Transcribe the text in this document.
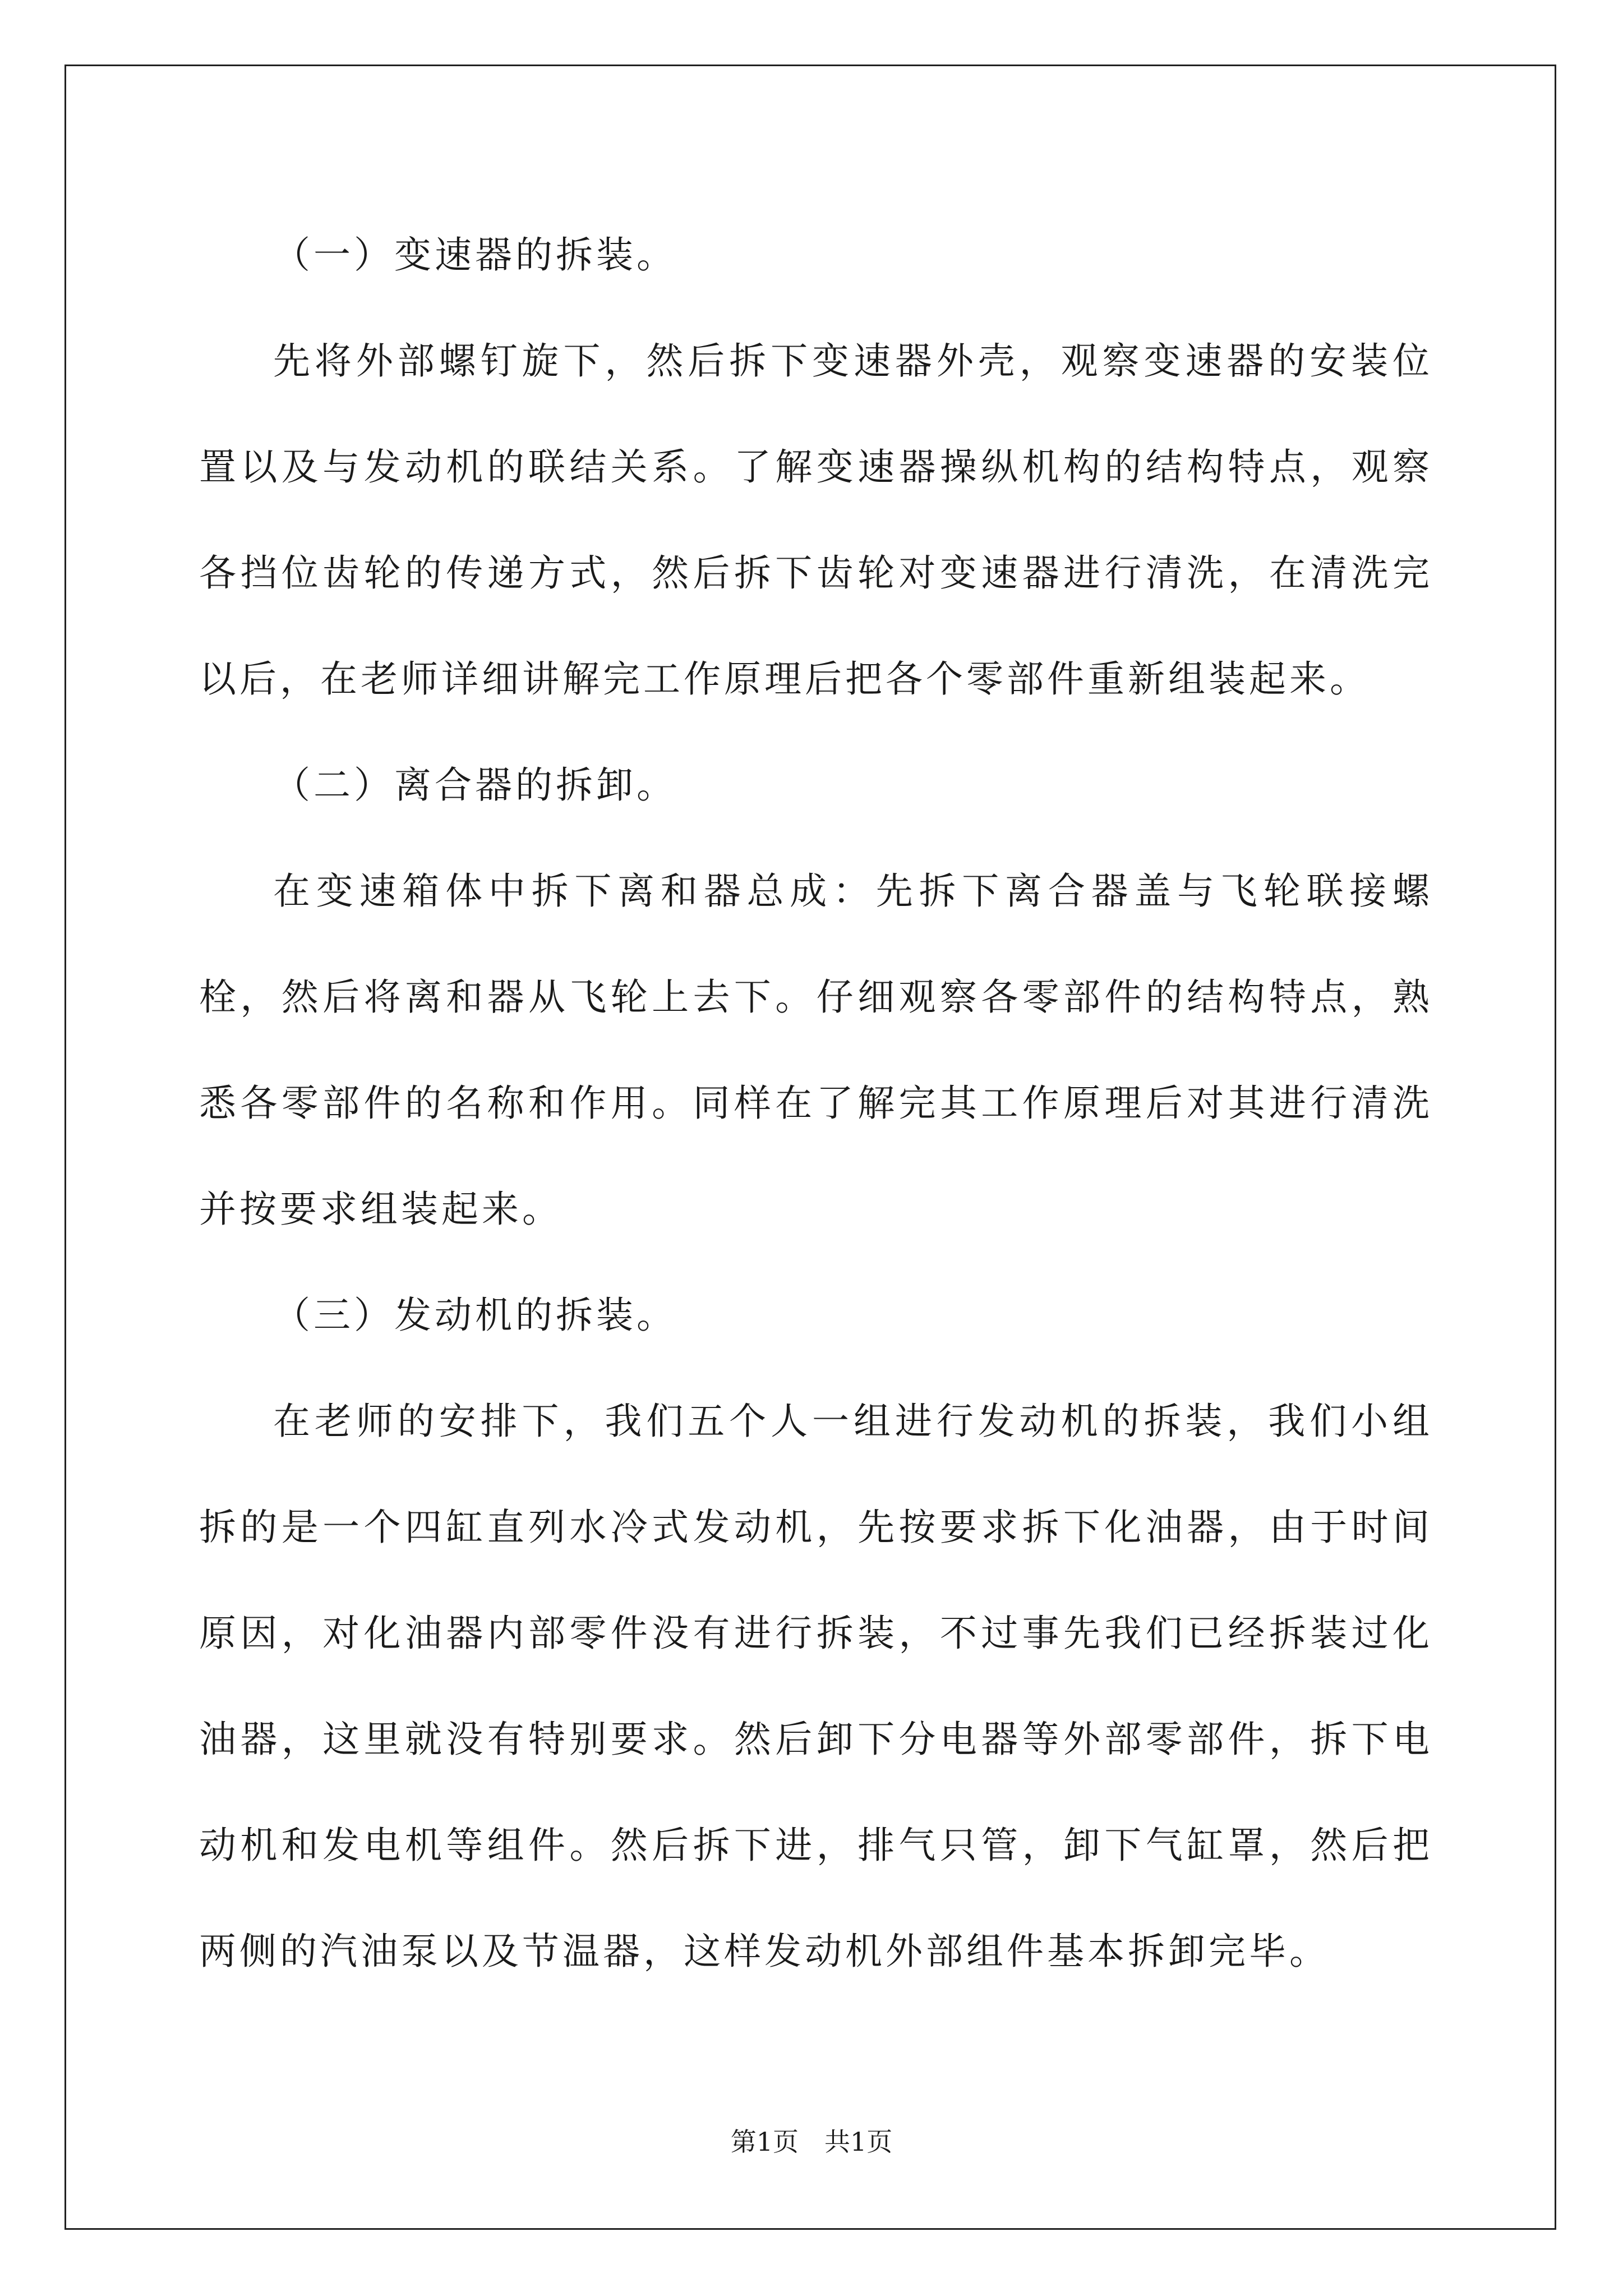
（一）变速器的拆装。

先将外部螺钉旋下，然后拆下变速器外壳，观察变速器的安装位置以及与发动机的联结关系。了解变速器操纵机构的结构特点，观察各挡位齿轮的传递方式，然后拆下齿轮对变速器进行清洗，在清洗完以后，在老师详细讲解完工作原理后把各个零部件重新组装起来。

（二）离合器的拆卸。

在变速箱体中拆下离和器总成：先拆下离合器盖与飞轮联接螺栓，然后将离和器从飞轮上去下。仔细观察各零部件的结构特点，熟悉各零部件的名称和作用。同样在了解完其工作原理后对其进行清洗并按要求组装起来。

（三）发动机的拆装。

在老师的安排下，我们五个人一组进行发动机的拆装，我们小组拆的是一个四缸直列水冷式发动机，先按要求拆下化油器，由于时间原因，对化油器内部零件没有进行拆装，不过事先我们已经拆装过化油器，这里就没有特别要求。然后卸下分电器等外部零部件，拆下电动机和发电机等组件。然后拆下进，排气只管，卸下气缸罩，然后把两侧的汽油泵以及节温器，这样发动机外部组件基本拆卸完毕。

第1页 共1页
